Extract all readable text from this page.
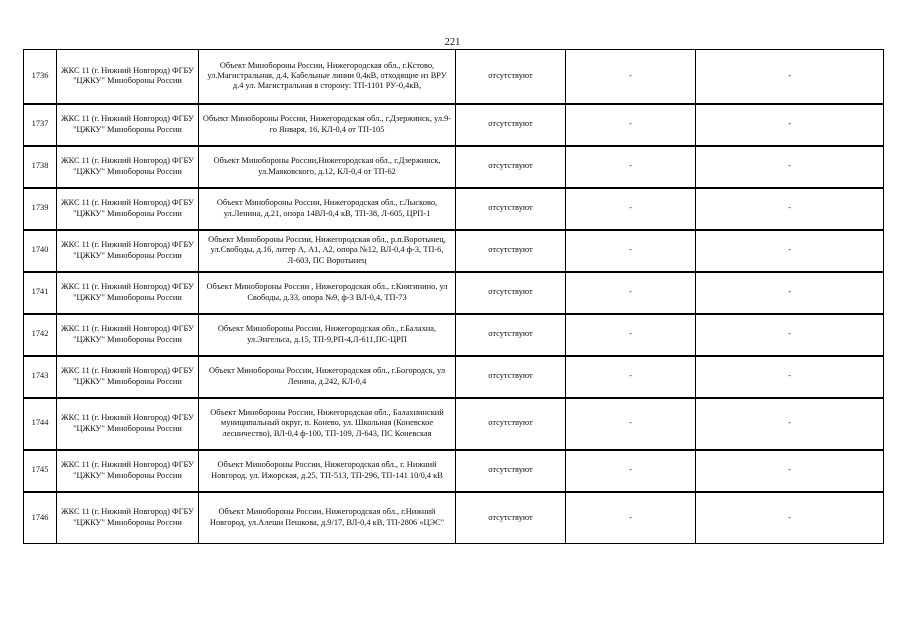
221
1736	ЖКС 11 (г. Нижний Новгород) ФГБУ "ЦЖКУ" Минобороны России	Объект Минобороны России, Нижегородская обл., г.Кстово, ул.Магистральная, д.4, Кабельные линии 0,4кВ, отходящие из ВРУ д.4 ул. Магистральная в сторону: ТП-1101 РУ-0,4кВ,	отсутствуют	-	-
1737	ЖКС 11 (г. Нижний Новгород) ФГБУ "ЦЖКУ" Минобороны России	Объект Минобороны России, Нижегородская обл., г.Дзержинск, ул.9-го Января, 16, КЛ-0,4 от ТП-105	отсутствуют	-	-
1738	ЖКС 11 (г. Нижний Новгород) ФГБУ "ЦЖКУ" Минобороны России	Объект Минобороны России,Нижегородская обл., г.Дзержинск, ул.Маяковского, д.12, КЛ-0,4 от ТП-62	отсутствуют	-	-
1739	ЖКС 11 (г. Нижний Новгород) ФГБУ "ЦЖКУ" Минобороны России	Объект Минобороны России, Нижегородская обл., г.Лысково, ул.Ленина, д.21, опора 14ВЛ-0,4 кВ, ТП-38, Л-605, ЦРП-1	отсутствуют	-	-
1740	ЖКС 11 (г. Нижний Новгород) ФГБУ "ЦЖКУ" Минобороны России	Объект Минобороны России, Нижегородская обл., р.п.Воротынец, ул.Свободы, д.16, литер А, А1, А2, опора №12, ВЛ-0,4 ф-3, ТП-6, Л-603, ПС Воротынец	отсутствуют	-	-
1741	ЖКС 11 (г. Нижний Новгород) ФГБУ "ЦЖКУ" Минобороны России	Объект Минобороны России , Нижегородская обл., г.Княгинино, ул Свободы, д.33, опора №9, ф-3 ВЛ-0,4, ТП-73	отсутствуют	-	-
1742	ЖКС 11 (г. Нижний Новгород) ФГБУ "ЦЖКУ" Минобороны России	Объект Минобороны России, Нижегородская обл., г.Балахна, ул.Энгельса, д.15, ТП-9,РП-4,Л-611,ПС-ЦРП	отсутствуют	-	-
1743	ЖКС 11 (г. Нижний Новгород) ФГБУ "ЦЖКУ" Минобороны России	Объект Минобороны России, Нижегородская обл., г.Богородск, ул Ленина, д.242, КЛ-0,4	отсутствуют	-	-
1744	ЖКС 11 (г. Нижний Новгород) ФГБУ "ЦЖКУ" Минобороны России	Объект Минобороны России, Нижегородская обл., Балахнинский муниципальный округ, п. Конево, ул. Школьная (Коневское лесничество), ВЛ-0,4 ф-100, ТП-109, Л-643, ПС Коневская	отсутствуют	-	-
1745	ЖКС 11 (г. Нижний Новгород) ФГБУ "ЦЖКУ" Минобороны России	Объект Минобороны России, Нижегородская обл., г. Нижний Новгород, ул. Ижорская, д.25, ТП-513, ТП-296, ТП-141 10/0,4 кВ	отсутствуют	-	-
1746	ЖКС 11 (г. Нижний Новгород) ФГБУ "ЦЖКУ" Минобороны России	Объект Минобороны России, Нижегородская обл., г.Нижний Новгород, ул.Алеши Пешкова, д.9/17, ВЛ-0,4 кВ, ТП-2806 «ЦЭС"	отсутствуют	-	-
